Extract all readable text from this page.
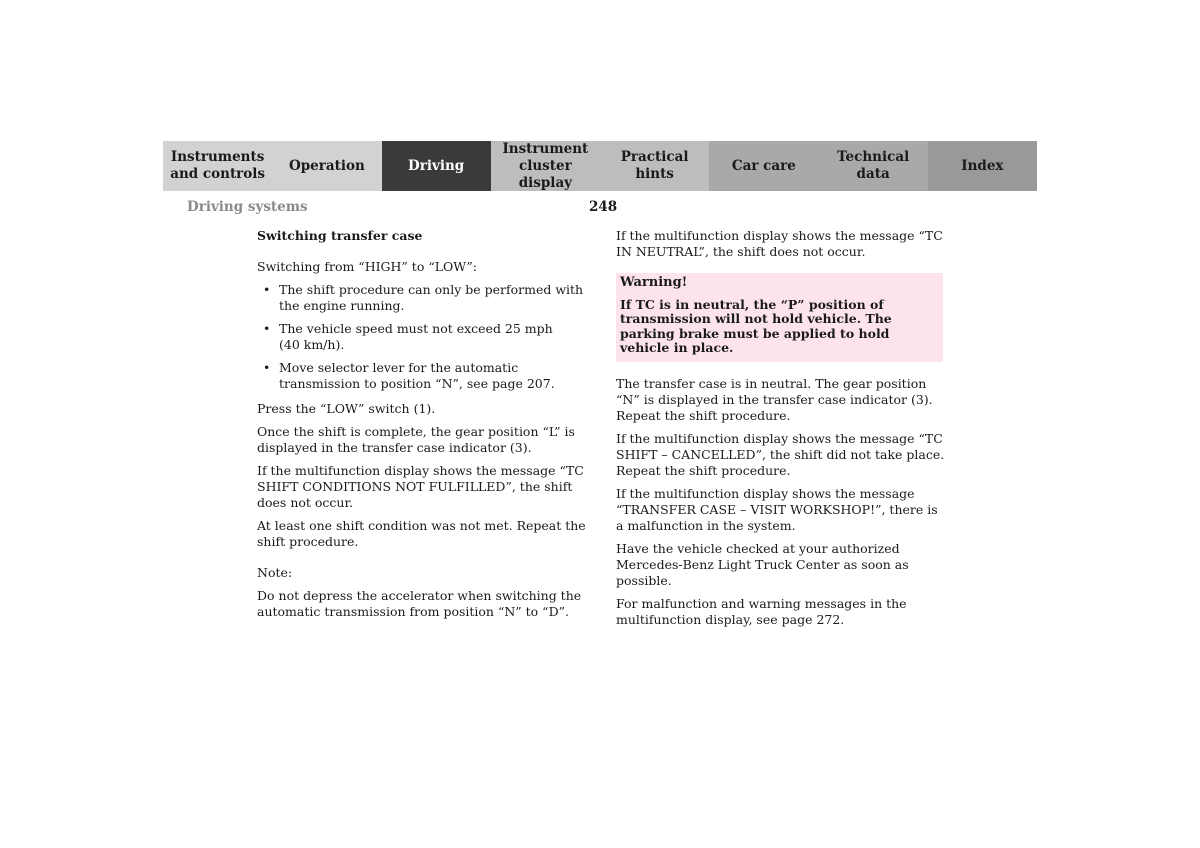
Instruments
and controls
Operation	Driving
Instrument
cluster display
Practical hints
Car care
Technical
data
Index
Driving systems	248

Switching transfer case

Switching from “HIGH” to “LOW”:

• The shift procedure can only be performed with the engine running.
• The vehicle speed must not exceed 25 mph
(40 km/h).
• Move selector lever for the automatic transmission to position “N”, see page 207.

Press the “LOW” switch (1).

Once the shift is complete, the gear position “L” is displayed in the transfer case indicator (3).

If the multifunction display shows the message “TC SHIFT CONDITIONS NOT FULFILLED”, the shift does not occur.

At least one shift condition was not met. Repeat the shift procedure.

Note:

Do not depress the accelerator when switching the automatic transmission from position “N” to “D”.

If the multifunction display shows the message “TC IN NEUTRAL”, the shift does not occur.

Warning!

If TC is in neutral, the “P” position of transmission will not hold vehicle. The parking brake must be applied to hold vehicle in place.

The transfer case is in neutral. The gear position “N” is displayed in the transfer case indicator (3). Repeat the shift procedure.

If the multifunction display shows the message “TC SHIFT – CANCELLED”, the shift did not take place. Repeat the shift procedure.

If the multifunction display shows the message “TRANSFER CASE – VISIT WORKSHOP!”, there is a malfunction in the system.

Have the vehicle checked at your authorized Mercedes-Benz Light Truck Center as soon as possible.

For malfunction and warning messages in the multifunction display, see page 272.
